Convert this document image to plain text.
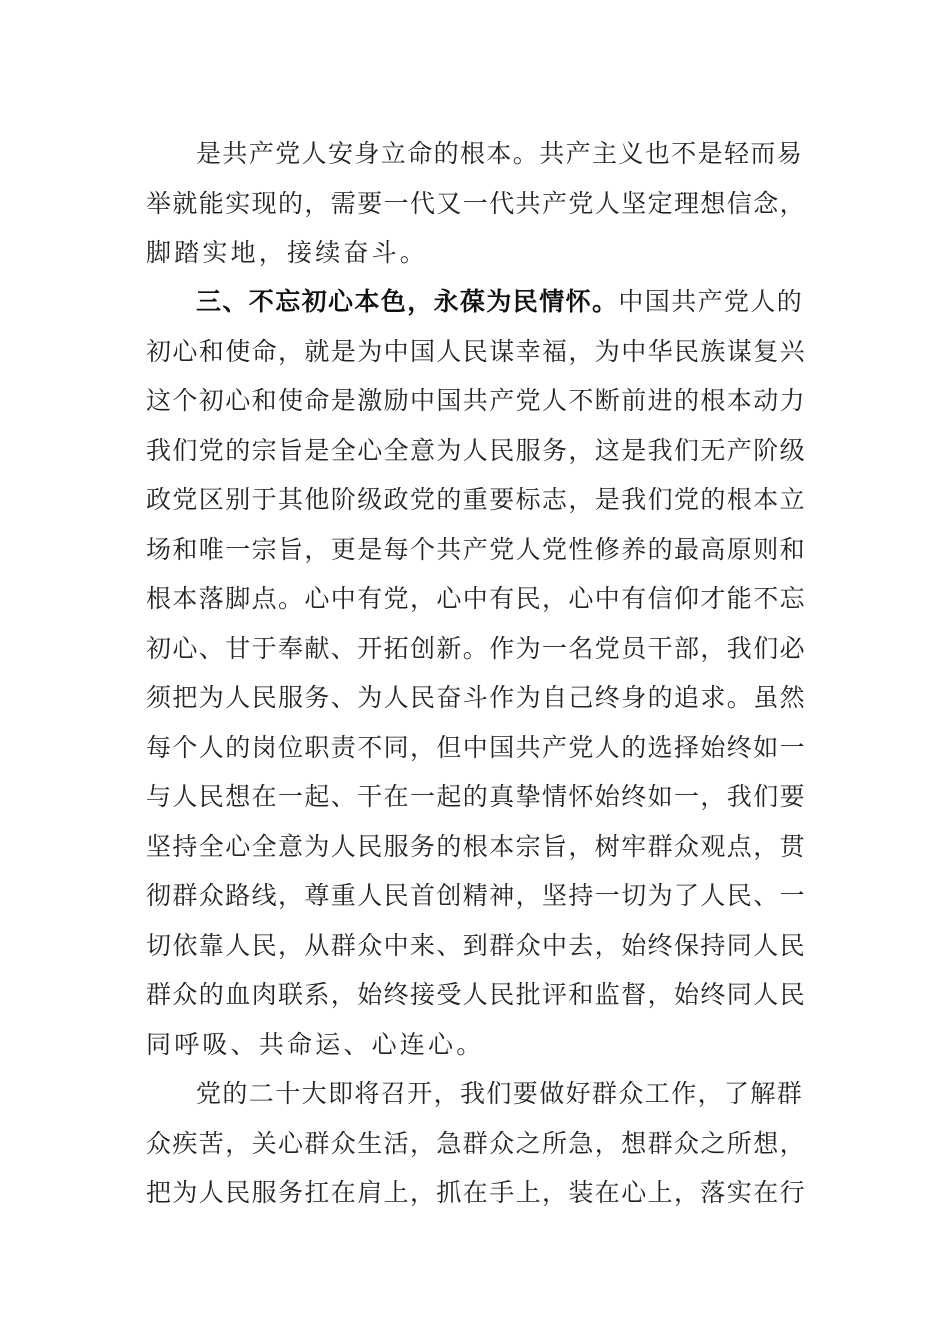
是共产党人安身立命的根本。共产主义也不是轻而易
举就能实现的，需要一代又一代共产党人坚定理想信念，
脚踏实地，接续奋斗。
三、不忘初心本色，永葆为民情怀。中国共产党人的
初心和使命，就是为中国人民谋幸福，为中华民族谋复兴
这个初心和使命是激励中国共产党人不断前进的根本动力
我们党的宗旨是全心全意为人民服务，这是我们无产阶级
政党区别于其他阶级政党的重要标志，是我们党的根本立
场和唯一宗旨，更是每个共产党人党性修养的最高原则和
根本落脚点。心中有党，心中有民，心中有信仰才能不忘
初心、甘于奉献、开拓创新。作为一名党员干部，我们必
须把为人民服务、为人民奋斗作为自己终身的追求。虽然
每个人的岗位职责不同，但中国共产党人的选择始终如一
与人民想在一起、干在一起的真挚情怀始终如一，我们要
坚持全心全意为人民服务的根本宗旨，树牢群众观点，贯
彻群众路线，尊重人民首创精神，坚持一切为了人民、一
切依靠人民，从群众中来、到群众中去，始终保持同人民
群众的血肉联系，始终接受人民批评和监督，始终同人民
同呼吸、共命运、心连心。
党的二十大即将召开，我们要做好群众工作，了解群
众疾苦，关心群众生活，急群众之所急，想群众之所想，
把为人民服务扛在肩上，抓在手上，装在心上，落实在行
